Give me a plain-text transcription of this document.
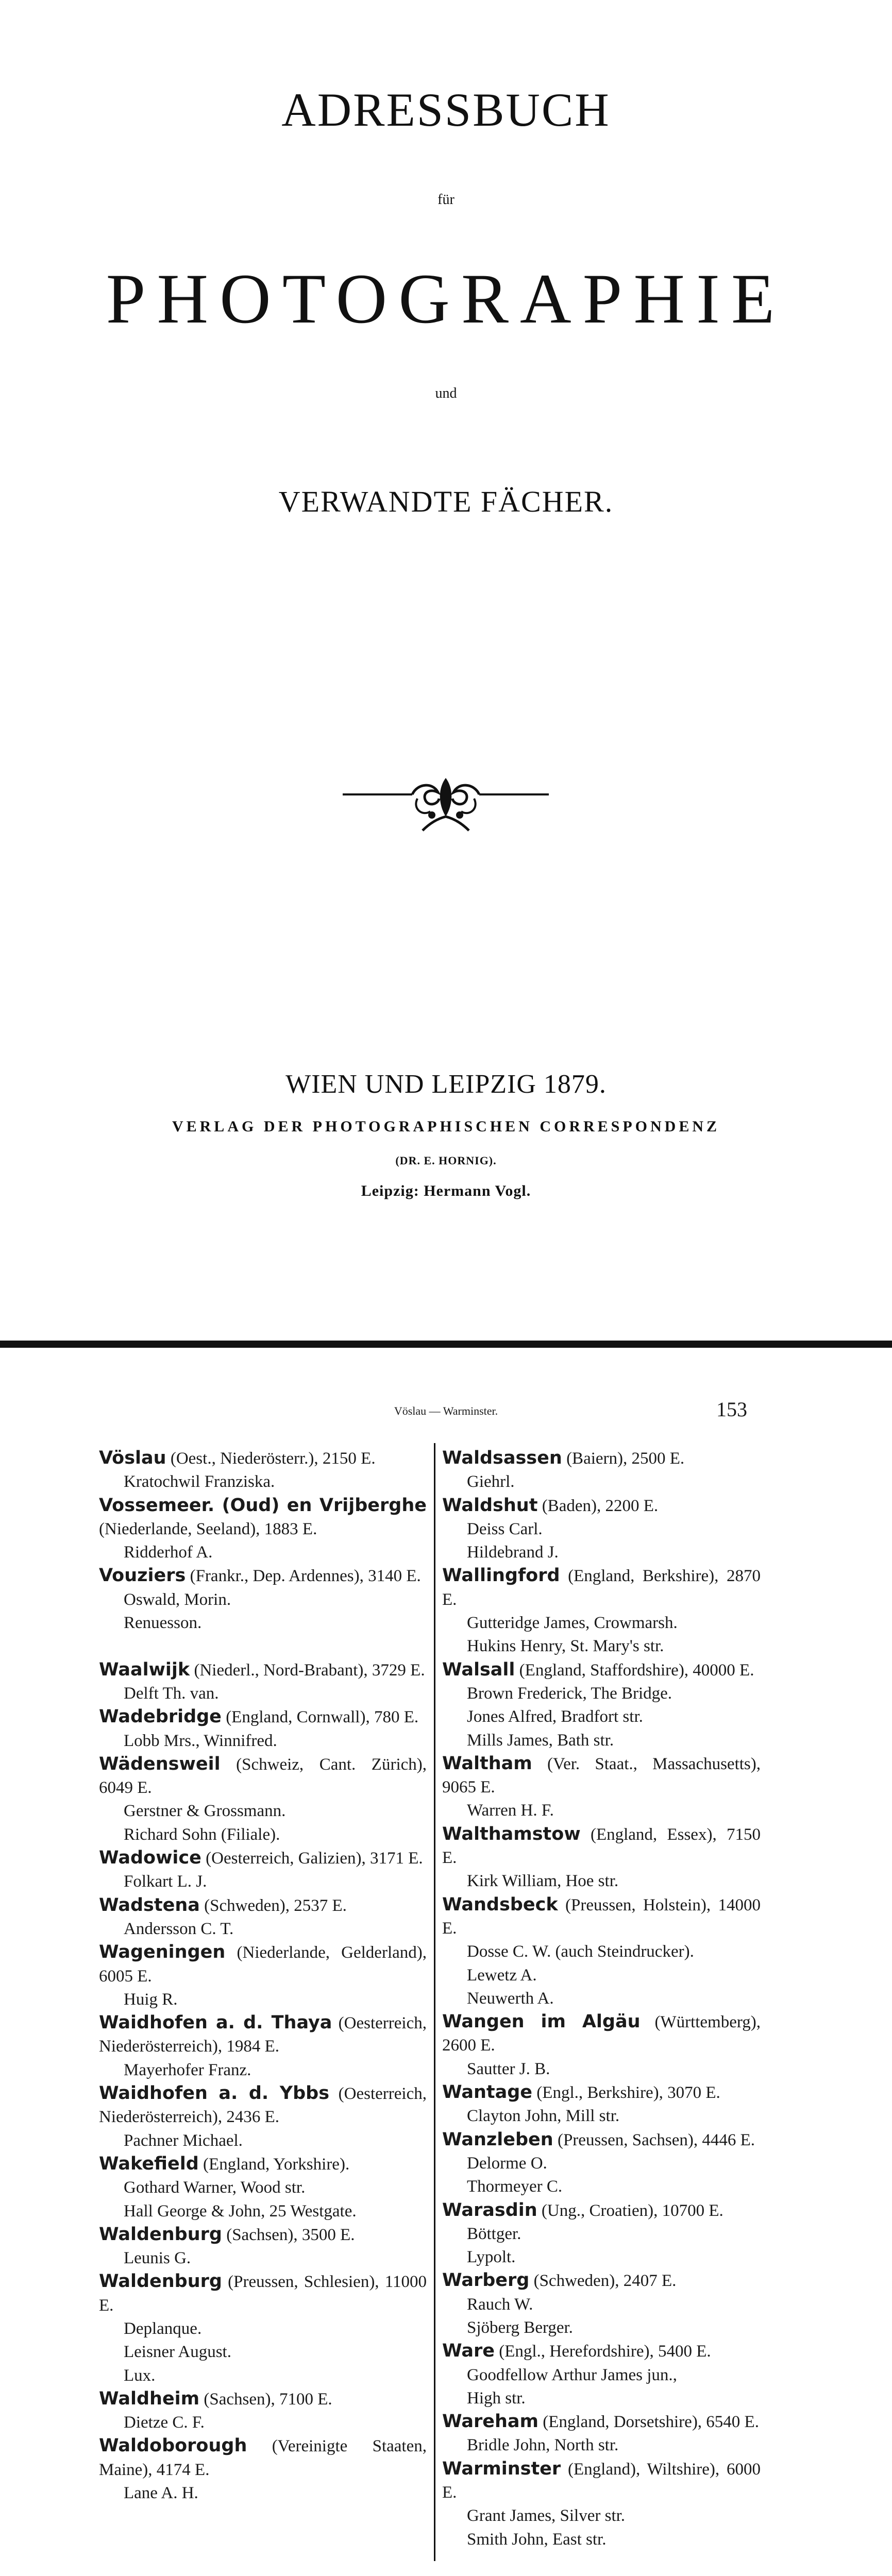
ADRESSBUCH
für
PHOTOGRAPHIE
und
VERWANDTE FÄCHER.
WIEN UND LEIPZIG 1879.
VERLAG DER PHOTOGRAPHISCHEN CORRESPONDENZ
(DR. E. HORNIG).
Leipzig: Hermann Vogl.
Vöslau — Warminster.	153
Vöslau (Oest., Niederösterr.), 2150 E.
Kratochwil Franziska.
Vossemeer. (Oud) en Vrijberghe (Niederlande, Seeland), 1883 E.
Ridderhof A.
Vouziers (Frankr., Dep. Ardennes), 3140 E.
Oswald, Morin.
Renuesson.
Waalwijk (Niederl., Nord-Brabant), 3729 E.
Delft Th. van.
Wadebridge (England, Cornwall), 780 E.
Lobb Mrs., Winnifred.
Wädensweil (Schweiz, Cant. Zürich), 6049 E.
Gerstner & Grossmann.
Richard Sohn (Filiale).
Wadowice (Oesterreich, Galizien), 3171 E.
Folkart L. J.
Wadstena (Schweden), 2537 E.
Andersson C. T.
Wageningen (Niederlande, Gelderland), 6005 E.
Huig R.
Waidhofen a. d. Thaya (Oesterreich, Niederösterreich), 1984 E.
Mayerhofer Franz.
Waidhofen a. d. Ybbs (Oesterreich, Niederösterreich), 2436 E.
Pachner Michael.
Wakefield (England, Yorkshire).
Gothard Warner, Wood str.
Hall George & John, 25 Westgate.
Waldenburg (Sachsen), 3500 E.
Leunis G.
Waldenburg (Preussen, Schlesien), 11000 E.
Deplanque.
Leisner August.
Lux.
Waldheim (Sachsen), 7100 E.
Dietze C. F.
Waldoborough (Vereinigte Staaten, Maine), 4174 E.
Lane A. H.
Waldsassen (Baiern), 2500 E.
Giehrl.
Waldshut (Baden), 2200 E.
Deiss Carl.
Hildebrand J.
Wallingford (England, Berkshire), 2870 E.
Gutteridge James, Crowmarsh.
Hukins Henry, St. Mary's str.
Walsall (England, Staffordshire), 40000 E.
Brown Frederick, The Bridge.
Jones Alfred, Bradfort str.
Mills James, Bath str.
Waltham (Ver. Staat., Massachusetts), 9065 E.
Warren H. F.
Walthamstow (England, Essex), 7150 E.
Kirk William, Hoe str.
Wandsbeck (Preussen, Holstein), 14000 E.
Dosse C. W. (auch Steindrucker).
Lewetz A.
Neuwerth A.
Wangen im Algäu (Württemberg), 2600 E.
Sautter J. B.
Wantage (Engl., Berkshire), 3070 E.
Clayton John, Mill str.
Wanzleben (Preussen, Sachsen), 4446 E.
Delorme O.
Thormeyer C.
Warasdin (Ung., Croatien), 10700 E.
Böttger.
Lypolt.
Warberg (Schweden), 2407 E.
Rauch W.
Sjöberg Berger.
Ware (Engl., Herefordshire), 5400 E.
Goodfellow Arthur James jun.,
High str.
Wareham (England, Dorsetshire), 6540 E.
Bridle John, North str.
Warminster (England), Wiltshire), 6000 E.
Grant James, Silver str.
Smith John, East str.
